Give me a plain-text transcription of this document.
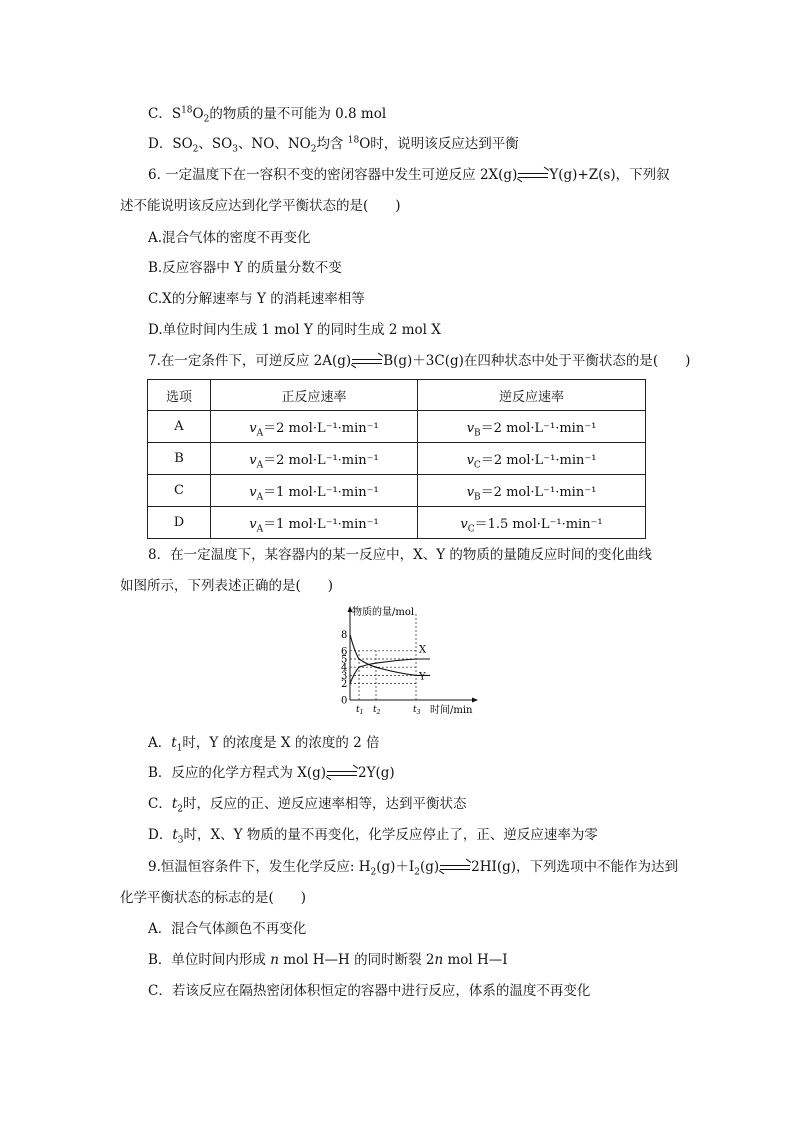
C．$S^{18}O_2$的物质的量不可能为 0.8 mol
D．$SO_2$、$SO_3$、NO、$NO_2$均含 $^{18}$O时，说明该反应达到平衡
6. 一定温度下在一容积不变的密闭容器中发生可逆反应 2X(g) Y(g)+Z(s)，下列叙
述不能说明该反应达到化学平衡状态的是(　　)
A.混合气体的密度不再变化
B.反应容器中 Y 的质量分数不变
C.X的分解速率与 Y 的消耗速率相等
D.单位时间内生成 1 mol Y 的同时生成 2 mol X
7.在一定条件下，可逆反应 2A(g) B(g)＋3C(g)在四种状态中处于平衡状态的是(　　)
选项	正反应速率	逆反应速率
A	$v_A=2$ mol·L⁻¹·min⁻¹	$v_B=2$ mol·L⁻¹·min⁻¹
B	$v_A=2$ mol·L⁻¹·min⁻¹	$v_C=2$ mol·L⁻¹·min⁻¹
C	$v_A=1$ mol·L⁻¹·min⁻¹	$v_B=2$ mol·L⁻¹·min⁻¹
D	$v_A=1$ mol·L⁻¹·min⁻¹	$v_C=1.5$ mol·L⁻¹·min⁻¹
8．在一定温度下，某容器内的某一反应中，X、Y 的物质的量随反应时间的变化曲线
如图所示，下列表述正确的是(　　)
物质的量/mol
时间/min
0
2
3
4
5
6
8
$t_1$ $t_2$	$t_3$
X
Y
A．$t_1$时，Y 的浓度是 X 的浓度的 2 倍
B．反应的化学方程式为 X(g) 2Y(g)
C．$t_2$时，反应的正、逆反应速率相等，达到平衡状态
D．$t_3$时，X、Y 物质的量不再变化，化学反应停止了，正、逆反应速率为零
9.恒温恒容条件下，发生化学反应: $H_2(g)+I_2(g)$ 2HI(g)，下列选项中不能作为达到
化学平衡状态的标志的是(　　)
A．混合气体颜色不再变化
B．单位时间内形成 n mol H—H 的同时断裂 2n mol H—I
C．若该反应在隔热密闭体积恒定的容器中进行反应，体系的温度不再变化
